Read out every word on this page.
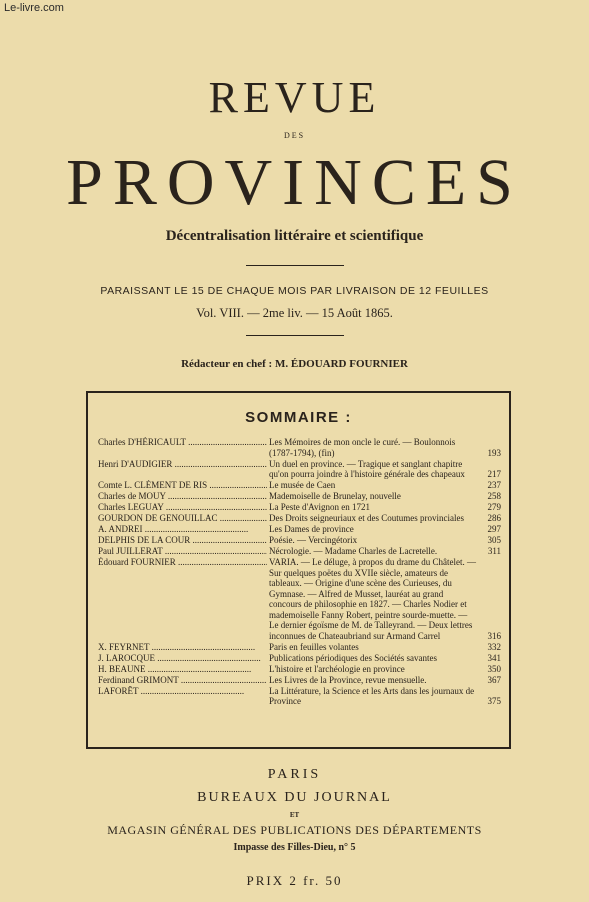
Le-livre.com
REVUE
DES
PROVINCES
Décentralisation littéraire et scientifique
PARAISSANT LE 15 DE CHAQUE MOIS PAR LIVRAISON DE 12 FEUILLES
Vol. VIII. — 2me liv. — 15 Août 1865.
Rédacteur en chef : M. ÉDOUARD FOURNIER
SOMMAIRE :
Charles D'HÉRICAULT .....	Les Mémoires de mon oncle le curé. — Boulonnois (1787-1794), (fin)	193
Henri D'AUDIGIER .....	Un duel en province. — Tragique et sanglant chapitre qu'on pourra joindre à l'histoire générale des chapeaux	217
Comte L. CLÉMENT DE RIS .....	Le musée de Caen	237
Charles de MOUY .....	Mademoiselle de Brunelay, nouvelle	258
Charles LEGUAY .....	La Peste d'Avignon en 1721	279
GOURDON DE GENOUILLAC .....	Des Droits seigneuriaux et des Coutumes provinciales	286
A. ANDREI .....	Les Dames de province	297
DELPHIS DE LA COUR .....	Poésie. — Vercingétorix	305
Paul JUILLERAT .....	Nécrologie. — Madame Charles de Lacretelle.	311
Édouard FOURNIER .....	VARIA. — Le déluge, à propos du drame du Châtelet. — Sur quelques poëtes du XVIIe siècle, amateurs de tableaux. — Origine d'une scène des Curieuses, du Gymnase. — Alfred de Musset, lauréat au grand concours de philosophie en 1827. — Charles Nodier et mademoiselle Fanny Robert, peintre sourde-muette. — Le dernier égoïsme de M. de Talleyrand. — Deux lettres inconnues de Chateaubriand sur Armand Carrel	316
X. FEYRNET .....	Paris en feuilles volantes	332
J. LAROCQUE .....	Publications périodiques des Sociétés savantes	341
H. BEAUNE .....	L'histoire et l'archéologie en province	350
Ferdinand GRIMONT .....	Les Livres de la Province, revue mensuelle.	367
LAFORÊT .....	La Littérature, la Science et les Arts dans les journaux de Province	375
PARIS
BUREAUX DU JOURNAL
ET
MAGASIN GÉNÉRAL DES PUBLICATIONS DES DÉPARTEMENTS
Impasse des Filles-Dieu, n° 5
PRIX 2 fr. 50
